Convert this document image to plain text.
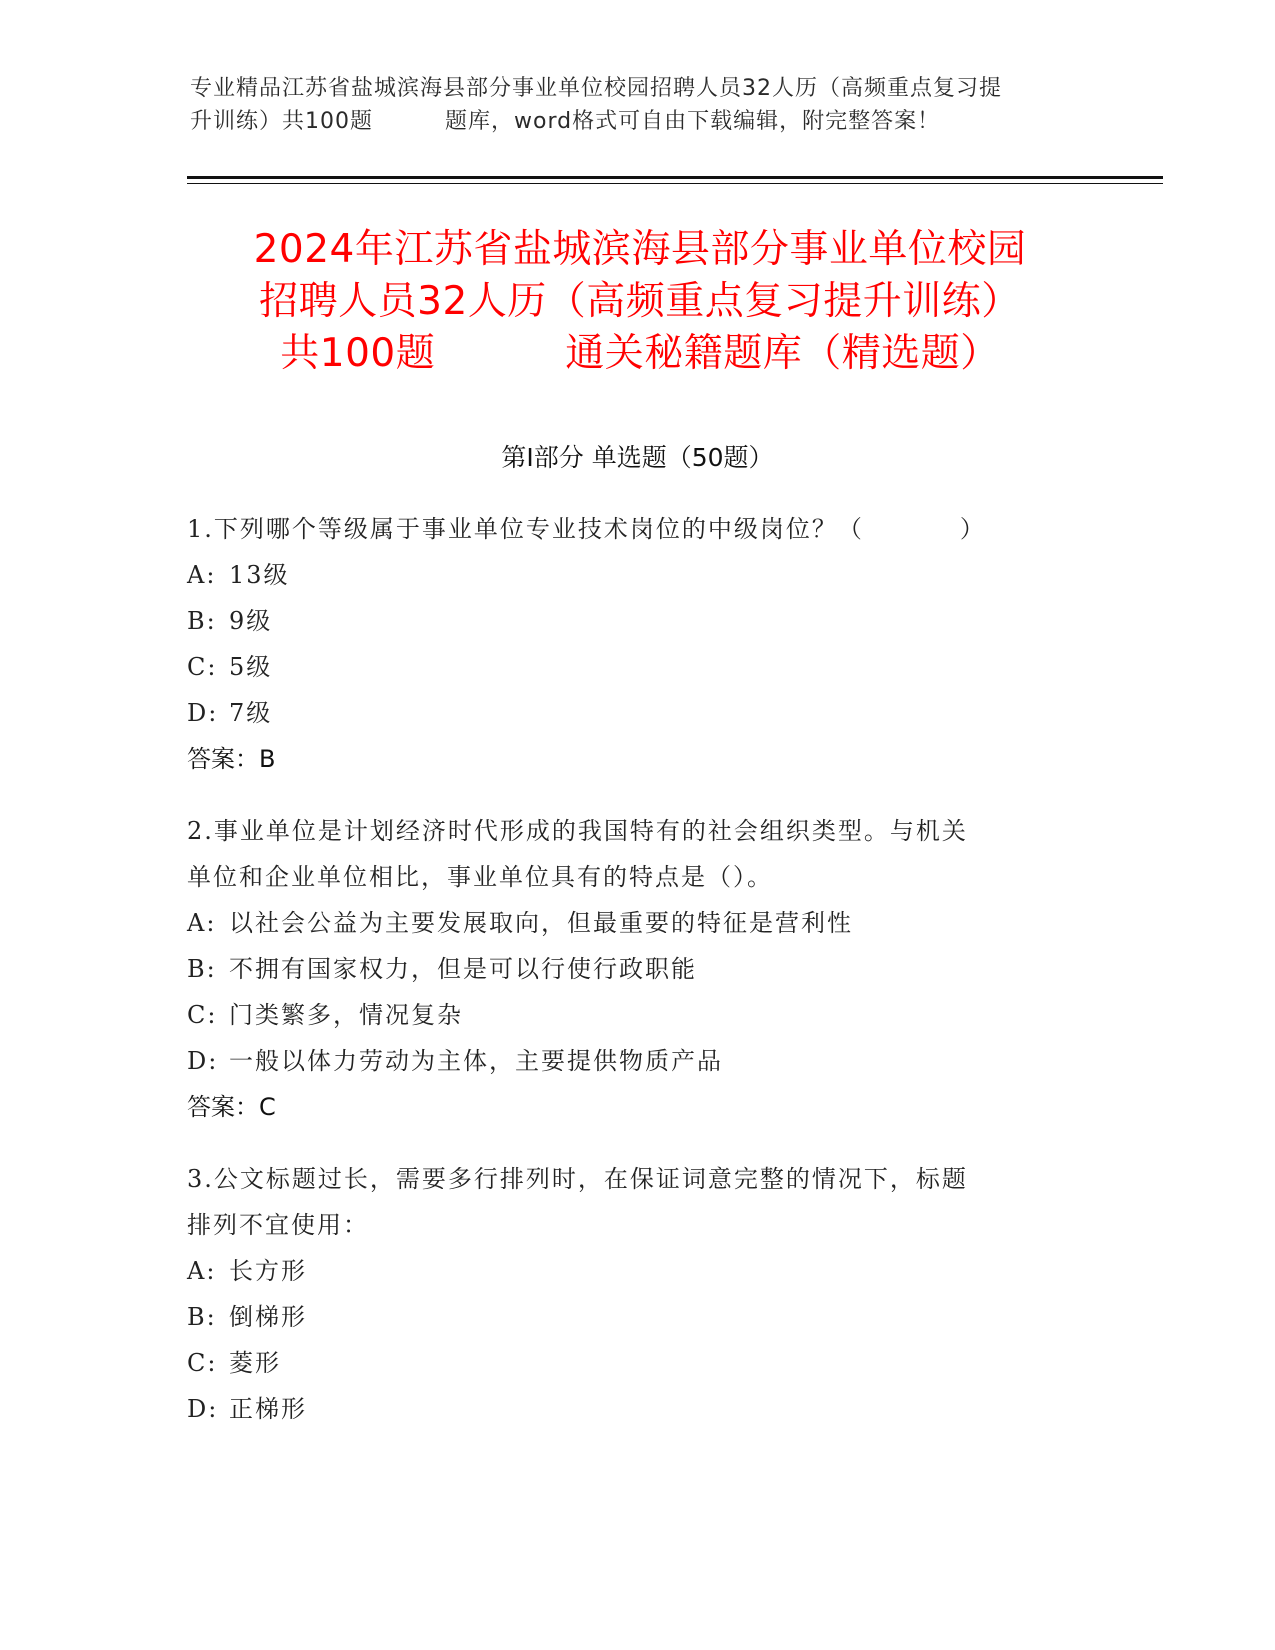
专业精品江苏省盐城滨海县部分事业单位校园招聘人员32人历（高频重点复习提
升训练）共100题	题库，word格式可自由下载编辑，附完整答案！
2024年江苏省盐城滨海县部分事业单位校园
招聘人员32人历（高频重点复习提升训练）
共100题	通关秘籍题库（精选题）
第Ⅰ部分 单选题（50题）
1.下列哪个等级属于事业单位专业技术岗位的中级岗位？（	）
A: 13级
B: 9级
C: 5级
D: 7级
答案：B
2.事业单位是计划经济时代形成的我国特有的社会组织类型。与机关
单位和企业单位相比，事业单位具有的特点是（）。
A: 以社会公益为主要发展取向，但最重要的特征是营利性
B: 不拥有国家权力，但是可以行使行政职能
C: 门类繁多，情况复杂
D: 一般以体力劳动为主体，主要提供物质产品
答案：C
3.公文标题过长，需要多行排列时，在保证词意完整的情况下，标题
排列不宜使用：
A: 长方形
B: 倒梯形
C: 菱形
D: 正梯形
